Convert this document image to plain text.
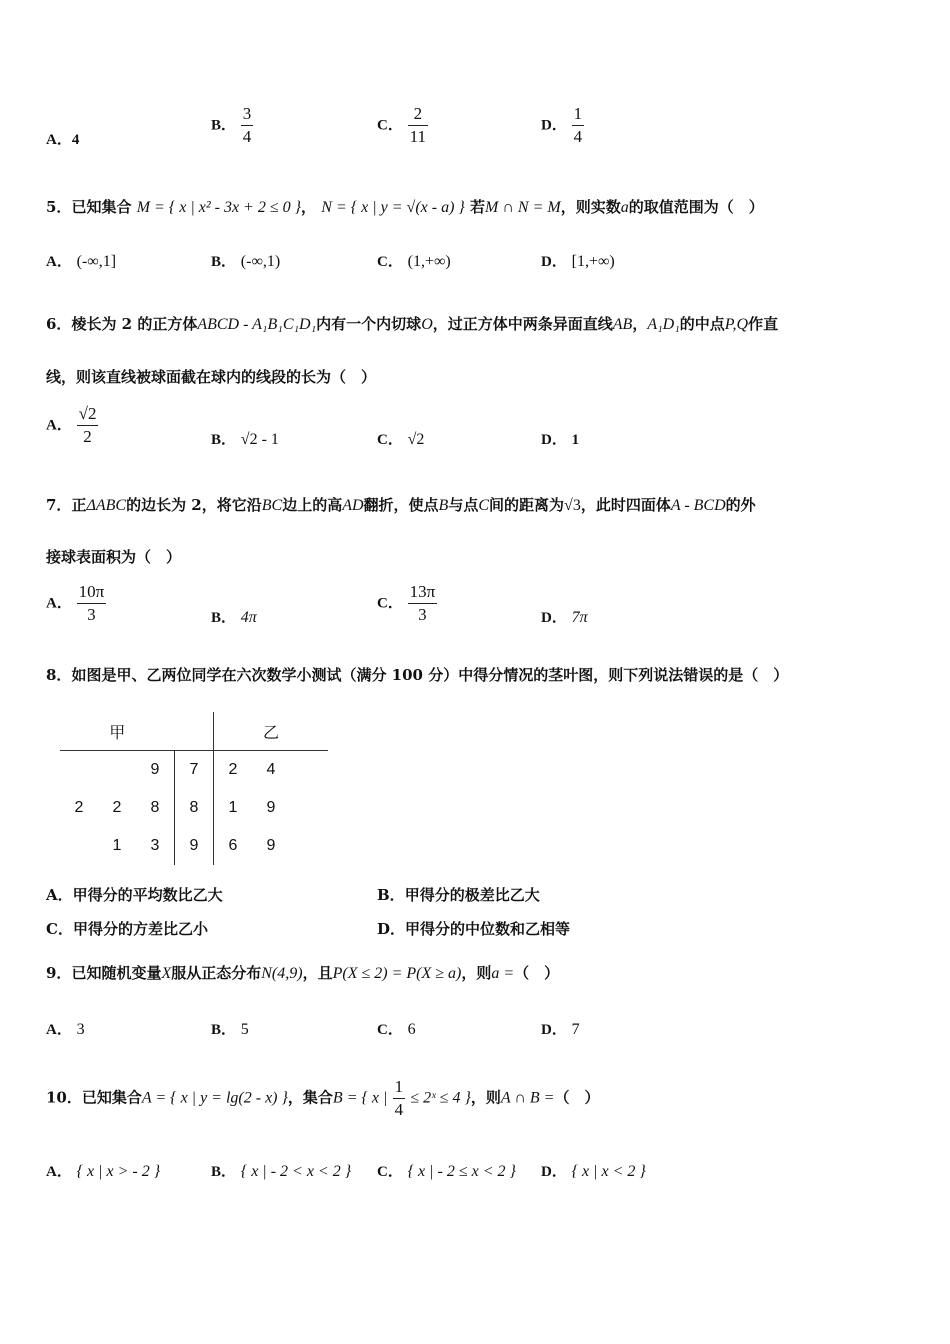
A．4
B． $\frac{3}{4}$	C． $\frac{2}{11}$	D． $\frac{1}{4}$
5．已知集合 M = { x | x² - 3x + 2 ≤ 0 }， N = { x | y = √(x - a) } 若M ∩ N = M，则实数a的取值范围为（　）
A． (-∞,1]	B． (-∞,1)	C． (1,+∞)	D． [1,+∞)
6．棱长为 2 的正方体ABCD - A₁B₁C₁D₁内有一个内切球O，过正方体中两条异面直线AB，A₁D₁的中点P,Q作直
线，则该直线被球面截在球内的线段的长为（　）
A． $\frac{√2}{2}$	B． √2 - 1	C． √2	D． 1
7．正ΔABC的边长为 2，将它沿BC边上的高AD翻折，使点B与点C间的距离为√3，此时四面体A - BCD的外
接球表面积为（　）
A． $\frac{10\pi}{3}$	B． 4π
C． $\frac{13\pi}{3}$	D． 7π
8．如图是甲、乙两位同学在六次数学小测试（满分 100 分）中得分情况的茎叶图，则下列说法错误的是（　）
甲				乙		
		9	7	2	4	
2	2	8	8	1	9	
	1	3	9	6	9	
A．甲得分的平均数比乙大	B．甲得分的极差比乙大
C．甲得分的方差比乙小	D．甲得分的中位数和乙相等
9．已知随机变量X服从正态分布N(4,9)，且P(X ≤ 2) = P(X ≥ a)，则a =（　）
A． 3	B． 5	C． 6	D． 7
10．已知集合A = { x | y = lg(2 - x) }，集合B = { x | $\frac{1}{4}$ ≤ 2ˣ ≤ 4 }，则A ∩ B =（　）
A． { x | x > - 2 }	B． { x | - 2 < x < 2 } C． { x | - 2 ≤ x < 2 } D． { x | x < 2 }
